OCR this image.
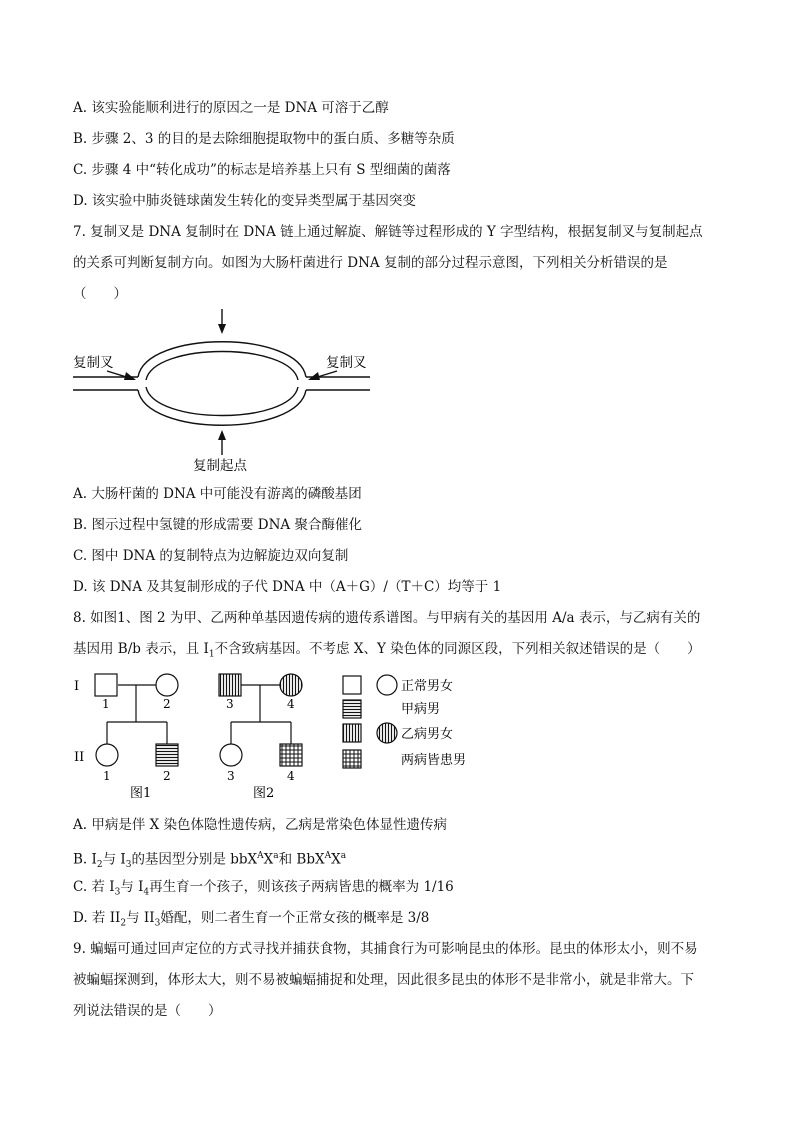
A. 该实验能顺利进行的原因之一是 DNA 可溶于乙醇
B. 步骤 2、3 的目的是去除细胞提取物中的蛋白质、多糖等杂质
C. 步骤 4 中“转化成功”的标志是培养基上只有 S 型细菌的菌落
D. 该实验中肺炎链球菌发生转化的变异类型属于基因突变
7. 复制叉是 DNA 复制时在 DNA 链上通过解旋、解链等过程形成的 Y 字型结构，根据复制叉与复制起点
的关系可判断复制方向。如图为大肠杆菌进行 DNA 复制的部分过程示意图，下列相关分析错误的是
（　　）
复制叉	复制叉
复制起点
A. 大肠杆菌的 DNA 中可能没有游离的磷酸基团
B. 图示过程中氢键的形成需要 DNA 聚合酶催化
C. 图中 DNA 的复制特点为边解旋边双向复制
D. 该 DNA 及其复制形成的子代 DNA 中（A＋G）/（T＋C）均等于 1
8. 如图1、图 2 为甲、乙两种单基因遗传病的遗传系谱图。与甲病有关的基因用 A/a 表示，与乙病有关的
基因用 B/b 表示，且 $I_1$不含致病基因。不考虑 X、Y 染色体的同源区段，下列相关叙述错误的是（　　）
I
II
1	2	3	4
1	2	3	4
图1	图2
正常男女
甲病男
乙病男女
两病皆患男
A. 甲病是伴 X 染色体隐性遗传病，乙病是常染色体显性遗传病
B. $I_2$与 $I_3$的基因型分别是 $bbX^AX^a$和 $BbX^AX^a$
C. 若 $I_3$与 $I_4$再生育一个孩子，则该孩子两病皆患的概率为 1/16
D. 若 $II_2$与 $II_3$婚配，则二者生育一个正常女孩的概率是 3/8
9. 蝙蝠可通过回声定位的方式寻找并捕获食物，其捕食行为可影响昆虫的体形。昆虫的体形太小，则不易
被蝙蝠探测到，体形太大，则不易被蝙蝠捕捉和处理，因此很多昆虫的体形不是非常小，就是非常大。下
列说法错误的是（　　）
